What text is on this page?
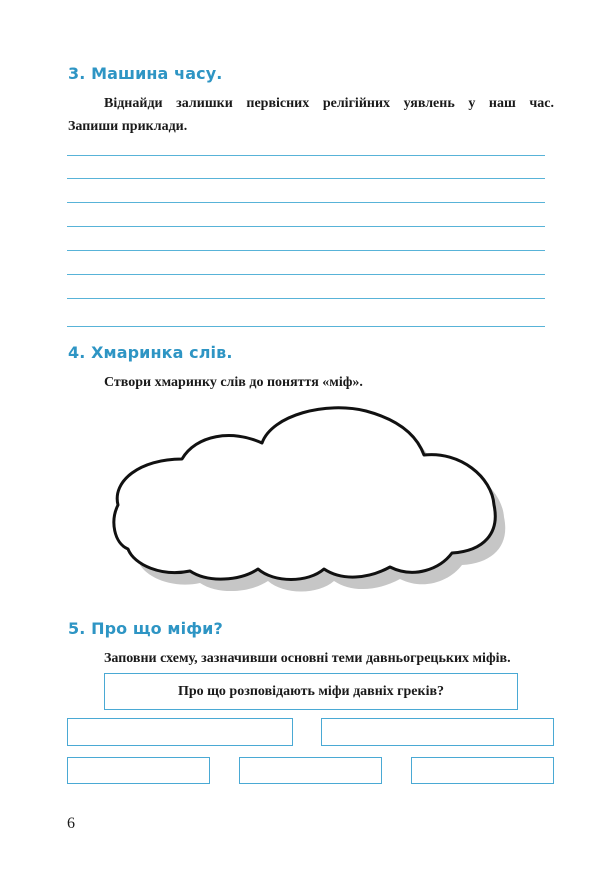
3. Машина часу.

Віднайди залишки первісних релігійних уявлень у наш час.
Запиши приклади.

4. Хмаринка слів.

Створи хмаринку слів до поняття «міф».

5. Про що міфи?

Заповни схему, зазначивши основні теми давньогрецьких міфів.

Про що розповідають міфи давніх греків?
6
